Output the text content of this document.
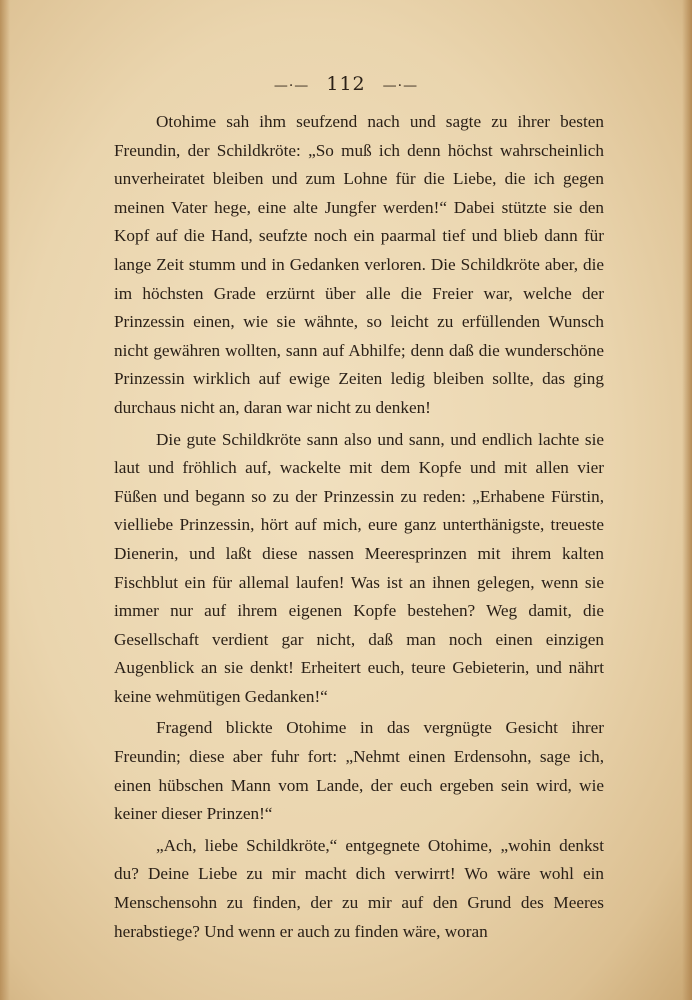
—·— 112 —·—

Otohime sah ihm seufzend nach und sagte zu ihrer besten Freundin, der Schildkröte: „So muß ich denn höchst wahrscheinlich unverheiratet bleiben und zum Lohne für die Liebe, die ich gegen meinen Vater hege, eine alte Jungfer werden!“ Dabei stützte sie den Kopf auf die Hand, seufzte noch ein paarmal tief und blieb dann für lange Zeit stumm und in Gedanken verloren. Die Schildkröte aber, die im höchsten Grade erzürnt über alle die Freier war, welche der Prinzessin einen, wie sie wähnte, so leicht zu erfüllenden Wunsch nicht gewähren wollten, sann auf Abhilfe; denn daß die wunderschöne Prinzessin wirklich auf ewige Zeiten ledig bleiben sollte, das ging durchaus nicht an, daran war nicht zu denken!

Die gute Schildkröte sann also und sann, und endlich lachte sie laut und fröhlich auf, wackelte mit dem Kopfe und mit allen vier Füßen und begann so zu der Prinzessin zu reden: „Erhabene Fürstin, vielliebe Prinzessin, hört auf mich, eure ganz unterthänigste, treueste Dienerin, und laßt diese nassen Meeresprinzen mit ihrem kalten Fischblut ein für allemal laufen! Was ist an ihnen gelegen, wenn sie immer nur auf ihrem eigenen Kopfe bestehen? Weg damit, die Gesellschaft verdient gar nicht, daß man noch einen einzigen Augenblick an sie denkt! Erheitert euch, teure Gebieterin, und nährt keine wehmütigen Gedanken!“

Fragend blickte Otohime in das vergnügte Gesicht ihrer Freundin; diese aber fuhr fort: „Nehmt einen Erdensohn, sage ich, einen hübschen Mann vom Lande, der euch ergeben sein wird, wie keiner dieser Prinzen!“

„Ach, liebe Schildkröte,“ entgegnete Otohime, „wohin denkst du? Deine Liebe zu mir macht dich verwirrt! Wo wäre wohl ein Menschensohn zu finden, der zu mir auf den Grund des Meeres herabstiege? Und wenn er auch zu finden wäre, woran
